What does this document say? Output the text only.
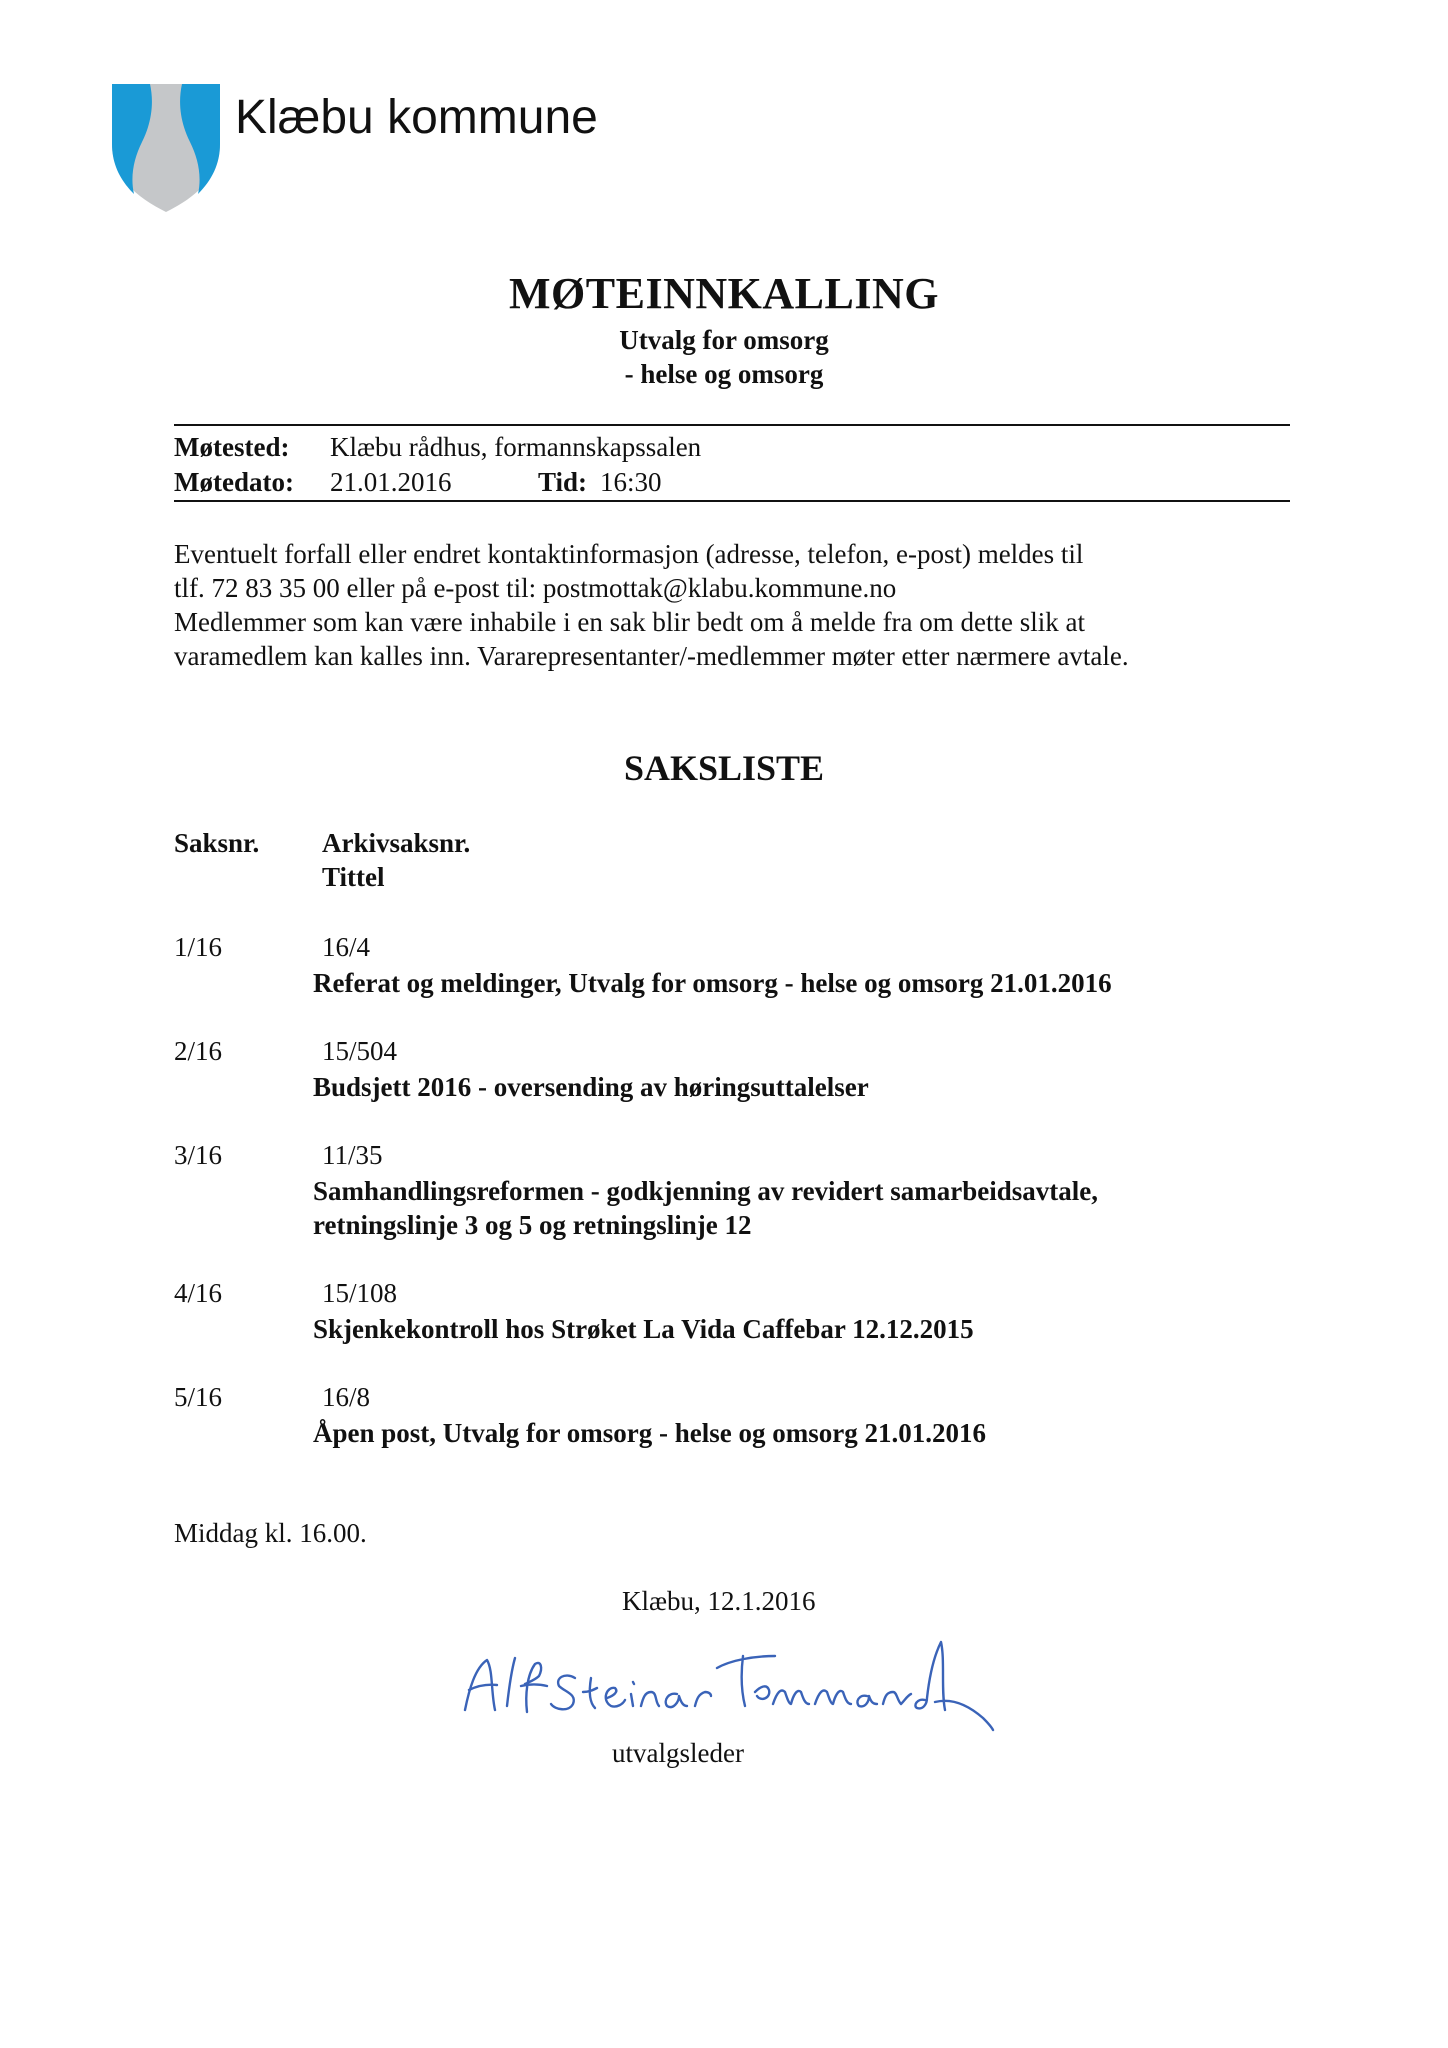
Klæbu kommune
MØTEINNKALLING
Utvalg for omsorg
- helse og omsorg
Møtested: Klæbu rådhus, formannskapssalen
Møtedato: 21.01.2016	Tid: 16:30
Eventuelt forfall eller endret kontaktinformasjon (adresse, telefon, e-post) meldes til
tlf. 72 83 35 00 eller på e-post til: postmottak@klabu.kommune.no
Medlemmer som kan være inhabile i en sak blir bedt om å melde fra om dette slik at
varamedlem kan kalles inn. Vararepresentanter/-medlemmer møter etter nærmere avtale.
SAKSLISTE
Saksnr. Arkivsaksnr.
Tittel
1/16	16/4
Referat og meldinger, Utvalg for omsorg - helse og omsorg 21.01.2016
2/16	15/504
Budsjett 2016 - oversending av høringsuttalelser
3/16	11/35
Samhandlingsreformen - godkjenning av revidert samarbeidsavtale,
retningslinje 3 og 5 og retningslinje 12
4/16	15/108
Skjenkekontroll hos Strøket La Vida Caffebar 12.12.2015
5/16	16/8
Åpen post, Utvalg for omsorg - helse og omsorg 21.01.2016
Middag kl. 16.00.
Klæbu, 12.1.2016
utvalgsleder
